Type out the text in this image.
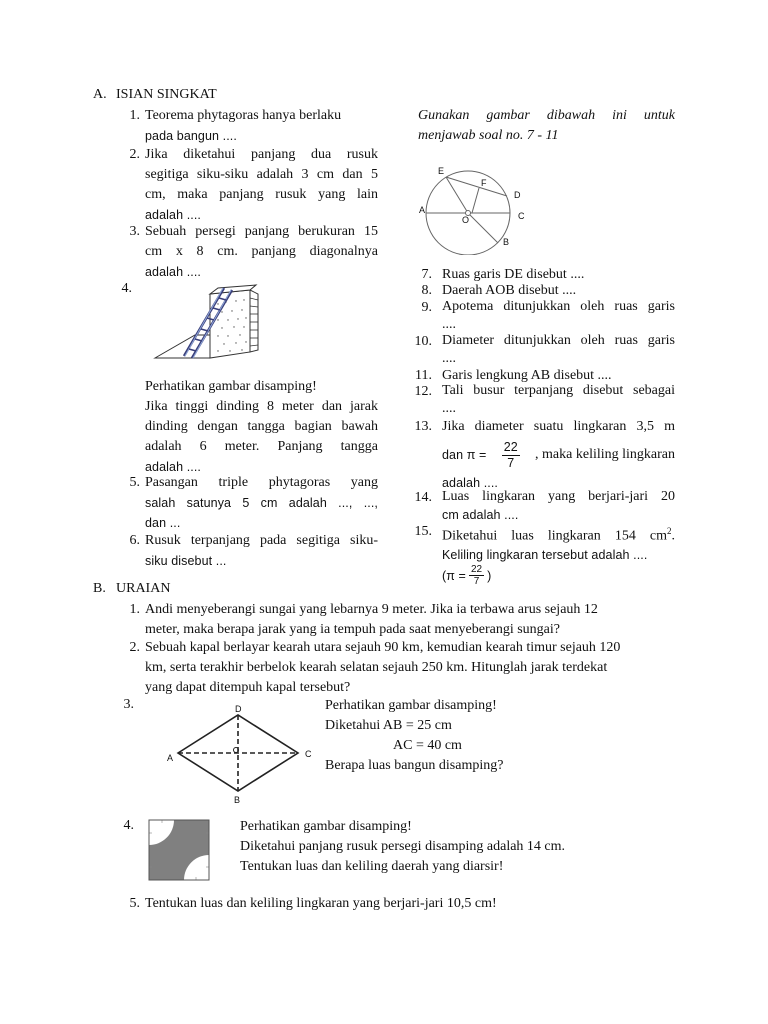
A. ISIAN SINGKAT
1. Teorema phytagoras hanya berlaku
pada bangun ....
2. Jika diketahui panjang dua rusuk
segitiga siku-siku adalah 3 cm dan 5
cm, maka panjang rusuk yang lain
adalah ....
3. Sebuah persegi panjang berukuran 15
cm x 8 cm. panjang diagonalnya
adalah ....
4.
Perhatikan gambar disamping!
Jika tinggi dinding 8 meter dan jarak
dinding dengan tangga bagian bawah
adalah 6 meter. Panjang tangga
adalah ....
5. Pasangan triple phytagoras yang
salah satunya 5 cm adalah ..., ...,
dan ...
6. Rusuk terpanjang pada segitiga siku-
siku disebut ...
Gunakan gambar dibawah ini untuk
menjawab soal no. 7 - 11
E
F
D
A
O	C
B
7. Ruas garis DE disebut ....
8. Daerah AOB disebut ....
9. Apotema ditunjukkan oleh ruas garis
....
10. Diameter ditunjukkan oleh ruas garis
....
11. Garis lengkung AB disebut ....
12. Tali busur terpanjang disebut sebagai
....
13. Jika diameter suatu lingkaran 3,5 m
dan $\pi = \frac{22}{7}$ , maka keliling lingkaran
adalah ....
14. Luas lingkaran yang berjari-jari 20
cm adalah ....
15. Diketahui luas lingkaran 154 $cm^2$.
Keliling lingkaran tersebut adalah ....
($\pi = \frac{22}{7}$ )
B. URAIAN
1. Andi menyeberangi sungai yang lebarnya 9 meter. Jika ia terbawa arus sejauh 12
meter, maka berapa jarak yang ia tempuh pada saat menyeberangi sungai?
2. Sebuah kapal berlayar kearah utara sejauh 90 km, kemudian kearah timur sejauh 120
km, serta terakhir berbelok kearah selatan sejauh 250 km. Hitunglah jarak terdekat
yang dapat ditempuh kapal tersebut?
3.	D
A	C
B
Perhatikan gambar disamping!
Diketahui AB = 25 cm
AC = 40 cm
Berapa luas bangun disamping?
4.	Perhatikan gambar disamping!
Diketahui panjang rusuk persegi disamping adalah 14 cm.
Tentukan luas dan keliling daerah yang diarsir!
5. Tentukan luas dan keliling lingkaran yang berjari-jari 10,5 cm!
